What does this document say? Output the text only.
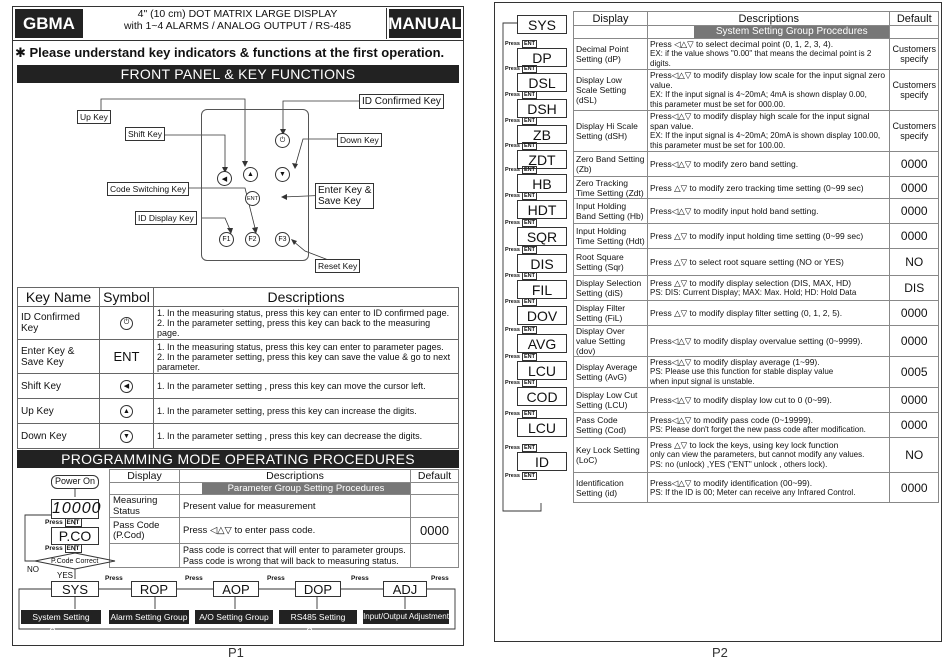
GBMA	4" (10 cm) DOT MATRIX LARGE DISPLAY
with 1~4 ALARMS / ANALOG OUTPUT / RS-485	MANUAL
✱ Please understand key indicators & functions at the first operation.
FRONT PANEL & KEY FUNCTIONS
⏻
◀
▲	▼
ENT
F1	F2	F3
Up Key
ID Confirmed Key
Shift Key
Down Key
Code Switching Key	Enter Key &
Save Key
ID Display Key
Reset Key
Key Name	Symbol	Descriptions
ID Confirmed Key	⏻	1. In the measuring status, press this key can enter to ID confirmed page.
2. In the parameter setting, press this key can back to the measuring page.

Enter Key & Save Key	ENT	1. In the measuring status, press this key can enter to parameter pages.
2. In the parameter setting, press this key can save the value & go to next parameter.

Shift Key	◀	1. In the parameter setting , press this key can move the cursor left.
Up Key	▲	1. In the parameter setting, press this key can increase the digits.
Down Key	▼	1. In the parameter setting , press this key can decrease the digits.
PROGRAMMING MODE OPERATING PROCEDURES
Display	Descriptions	Default

	Parameter Group Setting Procedures	

Measuring Status	Present value for measurement	

Pass Code
(P.Cod)	Press ◁△▽ to enter pass code.	0000

	Pass code is correct that will enter to parameter groups.
Pass code is wrong that will back to measuring status.	

Power On
10000
Press ENT
P.CO
Press ENT
P.Code Correct
NO
YES
SYS	ROP	AOP	DOP	ADJ
Press	Press	Press	Press	Press
System Setting Group
Alarm Setting Group	A/O Setting Group	RS485 Setting Group
Input/Output Adjustment
P1
SYS
Press ENT
DP
Press ENT
DSL
Press ENT
DSH
Press ENT
ZB
Press ENT
ZDT
Press ENT
HB
Press ENT
HDT
Press ENT
SQR
Press ENT
DIS
Press ENT
FIL
Press ENT
DOV
Press ENT
AVG
Press ENT
LCU
Press ENT
COD
Press ENT
LCU
Press ENT
ID
Press ENT
Display	Descriptions	Default

	System Setting Group Procedures	

Decimal Point Setting (dP)	Press ◁△▽ to select decimal point (0, 1, 2, 3, 4).
EX: if the value shows "0.00" that means the decimal point is 2 digits.	Customers specify
Display Low Scale Setting (dSL)	Press◁△▽ to modify display low scale for the input signal zero value.
EX: If the input signal is 4~20mA; 4mA is shown display 0.00,
this parameter must be set for 000.00.	Customers specify
Display Hi Scale Setting (dSH)	Press◁△▽ to modify display high scale for the input signal span value.
EX: If the input signal is 4~20mA; 20mA is shown display 100.00,
this parameter must be set for 100.00.	Customers specify
Zero Band Setting (Zb)	Press◁△▽ to modify zero band setting.	0000
Zero Tracking Time Setting (Zdt)	Press △▽ to modify zero tracking time setting (0~99 sec)	0000
Input Holding Band Setting (Hb)	Press◁△▽ to modify input hold band setting.	0000
Input Holding Time Setting (Hdt)	Press △▽ to modify input holding time setting (0~99 sec)	0000
Root Square Setting (Sqr)	Press △▽ to select root square setting (NO or YES)	NO
Display Selection Setting (diS)	Press △▽ to modify display selection (DIS, MAX, HD)
PS: DIS: Current Display; MAX: Max. Hold; HD: Hold Data	DIS
Display Filter Setting (FiL)	Press △▽ to modify display filter setting (0, 1, 2, 5).	0000
Display Over value Setting (dov)	Press◁△▽ to modify display overvalue setting (0~9999).	0000
Display Average Setting (AvG)	Press◁△▽ to modify display average (1~99).
PS: Please use this function for stable display value
when input signal is unstable.	0005
Display Low Cut Setting (LCU)	Press◁△▽ to modify display low cut to 0 (0~99).	0000
Pass Code Setting (Cod)	Press◁△▽ to modify pass code (0~19999).
PS: Please don't forget the new pass code after modification.	0000
Key Lock Setting (LoC)	Press △▽ to lock the keys, using key lock function
only can view the parameters, but cannot modify any values.
PS: no (unlock) ,YES ("ENT" unlock , others lock).	NO
Identification Setting (id)	Press◁△▽ to modify identification (00~99).
PS: If the ID is 00; Meter can receive any Infrared Control.	0000
P2
